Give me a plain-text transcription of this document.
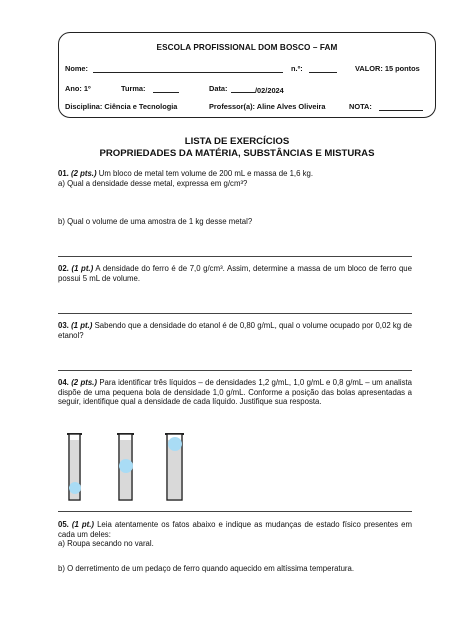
ESCOLA PROFISSIONAL DOM BOSCO – FAM
Nome:	n.º:	VALOR: 15 pontos
Ano: 1º	Turma:	Data:	/02/2024
Disciplina: Ciência e Tecnologia	Professor(a): Aline Alves Oliveira	NOTA:
LISTA DE EXERCÍCIOS
PROPRIEDADES DA MATÉRIA, SUBSTÂNCIAS E MISTURAS

01. (2 pts.) Um bloco de metal tem volume de 200 mL e massa de 1,6 kg.

a) Qual a densidade desse metal, expressa em g/cm³?

b) Qual o volume de uma amostra de 1 kg desse metal?

02. (1 pt.) A densidade do ferro é de 7,0 g/cm³. Assim, determine a massa de um bloco de ferro que possui 5 mL de volume.

03. (1 pt.) Sabendo que a densidade do etanol é de 0,80 g/mL, qual o volume ocupado por 0,02 kg de etanol?

04. (2 pts.) Para identificar três líquidos – de densidades 1,2 g/mL, 1,0 g/mL e 0,8 g/mL – um analista dispõe de uma pequena bola de densidade 1,0 g/mL. Conforme a posição das bolas apresentadas a seguir, identifique qual a densidade de cada líquido. Justifique sua resposta.

05. (1 pt.) Leia atentamente os fatos abaixo e indique as mudanças de estado físico presentes em cada um deles:

a) Roupa secando no varal.

b) O derretimento de um pedaço de ferro quando aquecido em altíssima temperatura.
